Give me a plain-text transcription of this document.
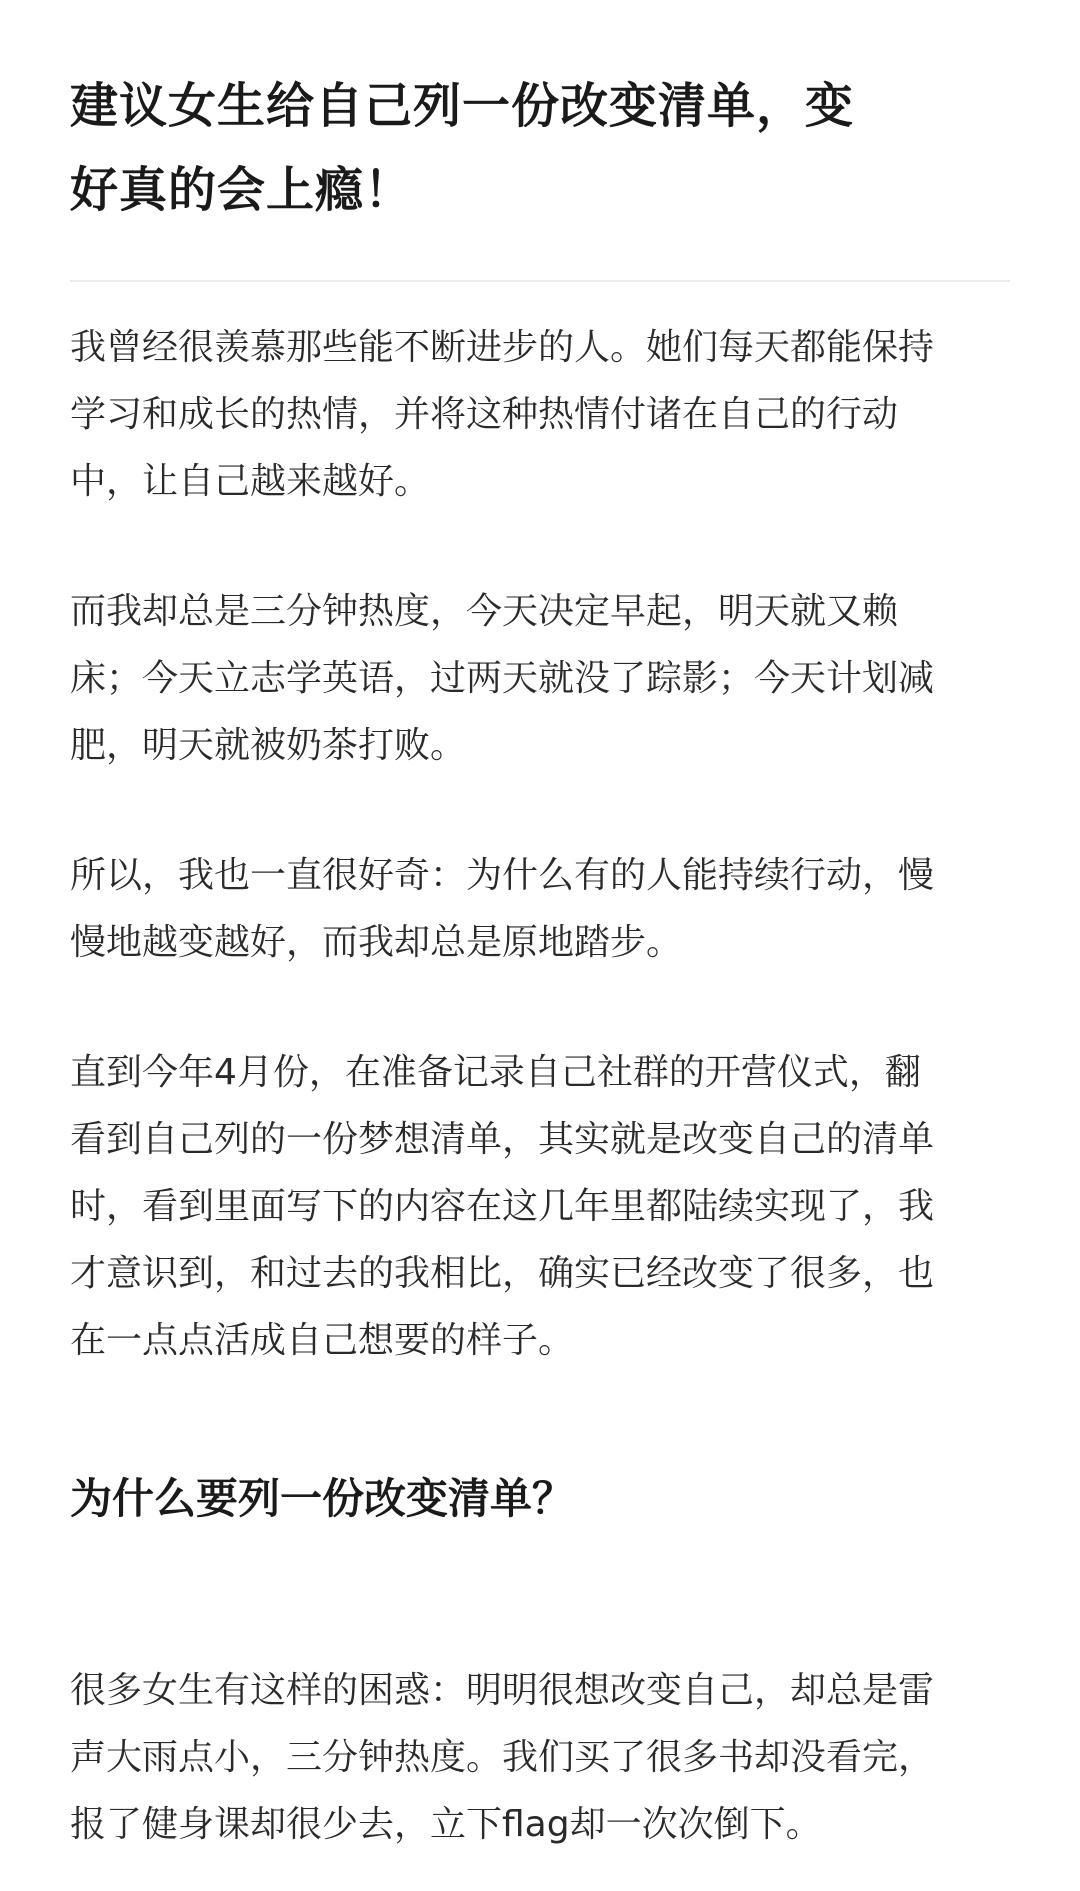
建议女生给自己列一份改变清单，变
好真的会上瘾！

我曾经很羡慕那些能不断进步的人。她们每天都能保持
学习和成长的热情，并将这种热情付诸在自己的行动
中，让自己越来越好。

而我却总是三分钟热度，今天决定早起，明天就又赖
床；今天立志学英语，过两天就没了踪影；今天计划减
肥，明天就被奶茶打败。

所以，我也一直很好奇：为什么有的人能持续行动，慢
慢地越变越好，而我却总是原地踏步。

直到今年4月份，在准备记录自己社群的开营仪式，翻
看到自己列的一份梦想清单，其实就是改变自己的清单
时，看到里面写下的内容在这几年里都陆续实现了，我
才意识到，和过去的我相比，确实已经改变了很多，也
在一点点活成自己想要的样子。

为什么要列一份改变清单？

很多女生有这样的困惑：明明很想改变自己，却总是雷
声大雨点小，三分钟热度。我们买了很多书却没看完，
报了健身课却很少去，立下flag却一次次倒下。
